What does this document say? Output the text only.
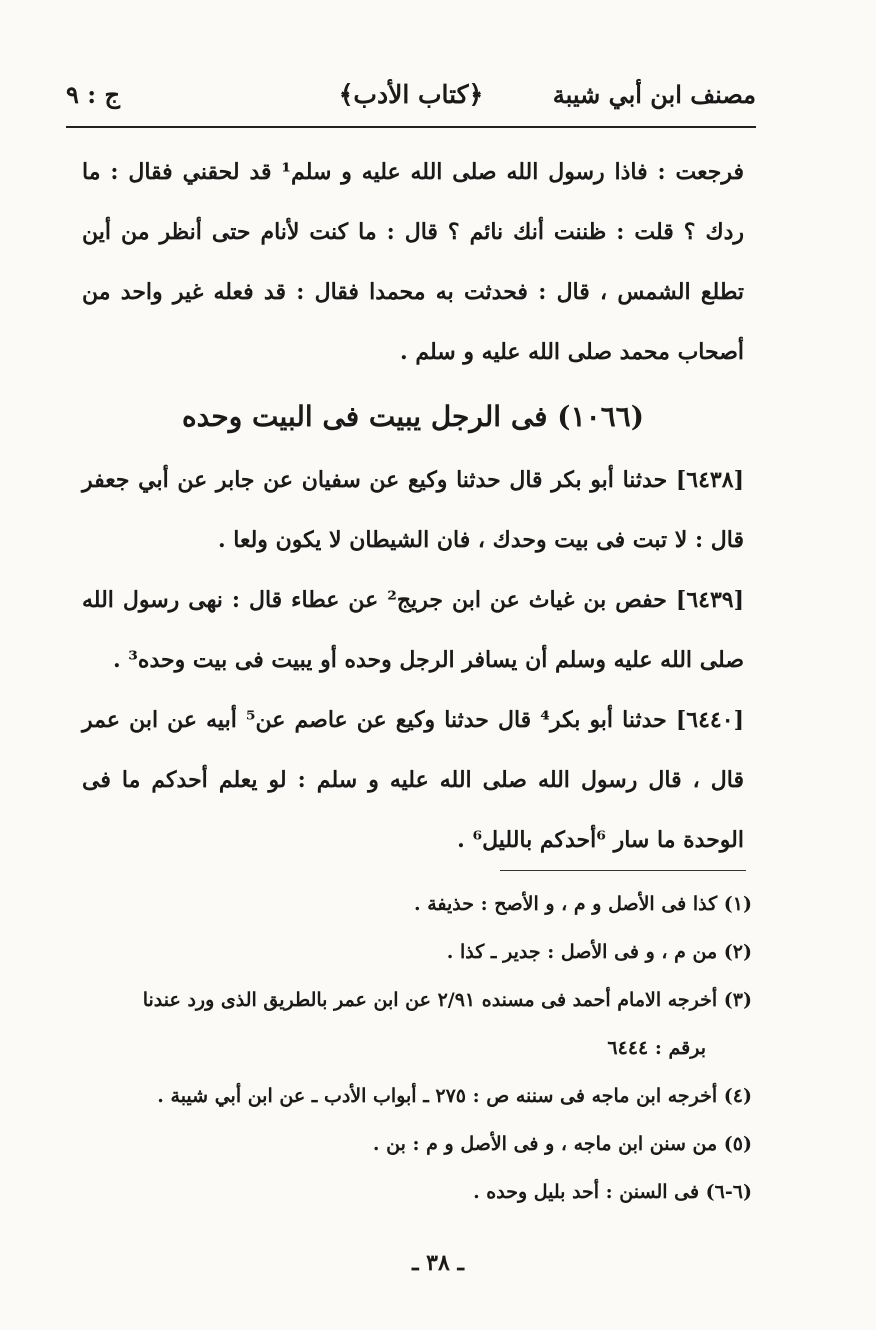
مصنف ابن أبي شيبة
﴿كتاب الأدب﴾
ج : ٩

فرجعت : فاذا رسول الله صلى الله عليه و سلم¹ قد لحقني فقال : ما ردك ؟ قلت : ظننت أنك نائم ؟ قال : ما كنت لأنام حتى أنظر من أين تطلع الشمس ، قال : فحدثت به محمدا فقال : قد فعله غير واحد من أصحاب محمد صلى الله عليه و سلم .

(١٠٦٦) فى الرجل يبيت فى البيت وحده

[٦٤٣٨] حدثنا أبو بكر قال حدثنا وكيع عن سفيان عن جابر عن أبي جعفر قال : لا تبت فى بيت وحدك ، فان الشيطان لا يكون ولعا .

[٦٤٣٩] حفص بن غياث عن ابن جريج² عن عطاء قال : نهى رسول الله صلى الله عليه وسلم أن يسافر الرجل وحده أو يبيت فى بيت وحده³ .

[٦٤٤٠] حدثنا أبو بكر⁴ قال حدثنا وكيع عن عاصم عن⁵ أبيه عن ابن عمر قال ، قال رسول الله صلى الله عليه و سلم : لو يعلم أحدكم ما فى الوحدة ما سار ⁶أحدكم بالليل⁶ .

(١) كذا فى الأصل و م ، و الأصح : حذيفة .

(٢) من م ، و فى الأصل : جدير ـ كذا .

(٣) أخرجه الامام أحمد فى مسنده ٢/٩١ عن ابن عمر بالطريق الذى ورد عندنا

برقم : ٦٤٤٤

(٤) أخرجه ابن ماجه فى سننه ص : ٢٧٥ ـ أبواب الأدب ـ عن ابن أبي شيبة .

(٥) من سنن ابن ماجه ، و فى الأصل و م : بن .

(٦-٦) فى السنن : أحد بليل وحده .

ـ ٣٨ ـ
